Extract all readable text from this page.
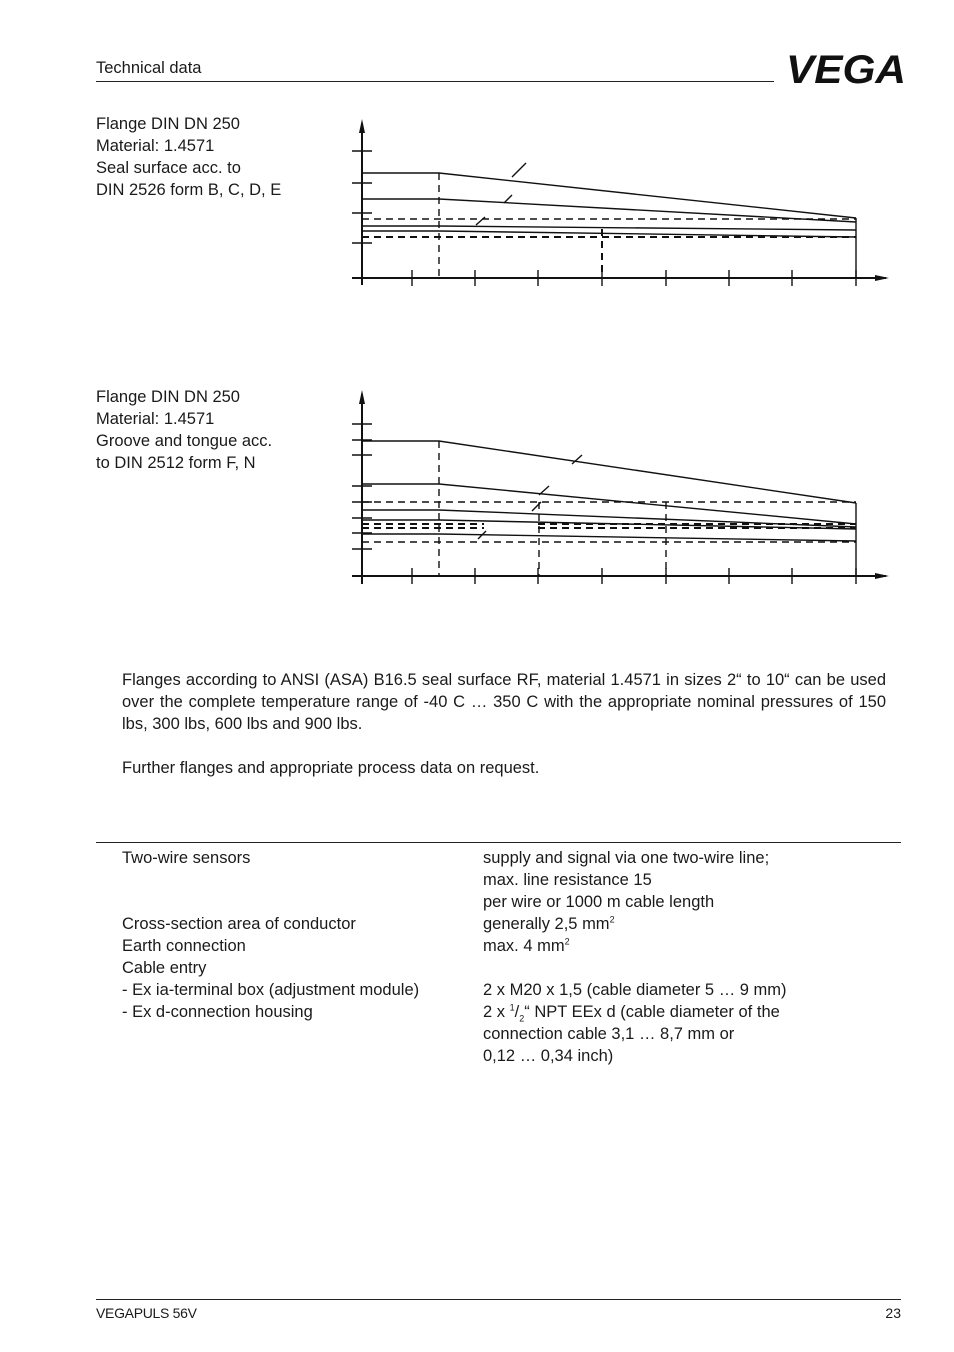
Technical data	VEGA
Flange DIN DN 250
Material: 1.4571
Seal surface acc. to
DIN 2526 form B, C, D, E
Flange DIN DN 250
Material: 1.4571
Groove and tongue acc.
to DIN 2512 form F, N
Flanges according to ANSI (ASA) B16.5 seal surface RF, material 1.4571 in sizes 2“ to 10“ can be used over the complete temperature range of -40 C … 350 C with the appropriate nominal pressures of 150 lbs, 300 lbs, 600 lbs and 900 lbs.
Further flanges and appropriate process data on request.
Two-wire sensors	supply and signal via one two-wire line;
max. line resistance 15
per wire or 1000 m cable length
Cross-section area of conductor	generally 2,5 $mm^2$
Earth connection	max. 4 $mm^2$
Cable entry
- Ex ia-terminal box (adjustment module)	2 x M20 x 1,5 (cable diameter 5 … 9 mm)
- Ex d-connection housing	2 x $^1/_2“$ NPT EEx d (cable diameter of the
connection cable 3,1 … 8,7 mm or
0,12 … 0,34 inch)
VEGAPULS 56V	23
